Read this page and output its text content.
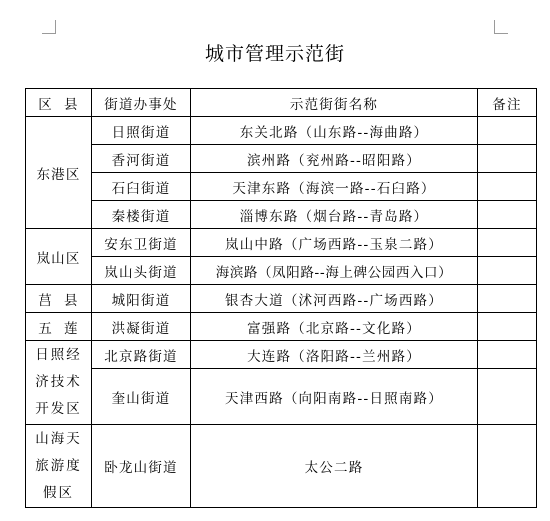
城市管理示范街
区  县	街道办事处	示范街街名称	备注
东港区	日照街道	东关北路（山东路--海曲路）	
	香河街道	滨州路（兖州路--昭阳路）	
	石臼街道	天津东路（海滨一路--石臼路）	
	秦楼街道	淄博东路（烟台路--青岛路）	
岚山区	安东卫街道	岚山中路（广场西路--玉泉二路）	
	岚山头街道	海滨路（凤阳路--海上碑公园西入口）	
莒  县	城阳街道	银杏大道（沭河西路--广场西路）	
五  莲	洪凝街道	富强路（北京路--文化路）	
日照经济技术开发区	北京路街道	大连路（洛阳路--兰州路）	
	奎山街道	天津西路（向阳南路--日照南路）	
山海天旅游度假区	卧龙山街道	太公二路	
